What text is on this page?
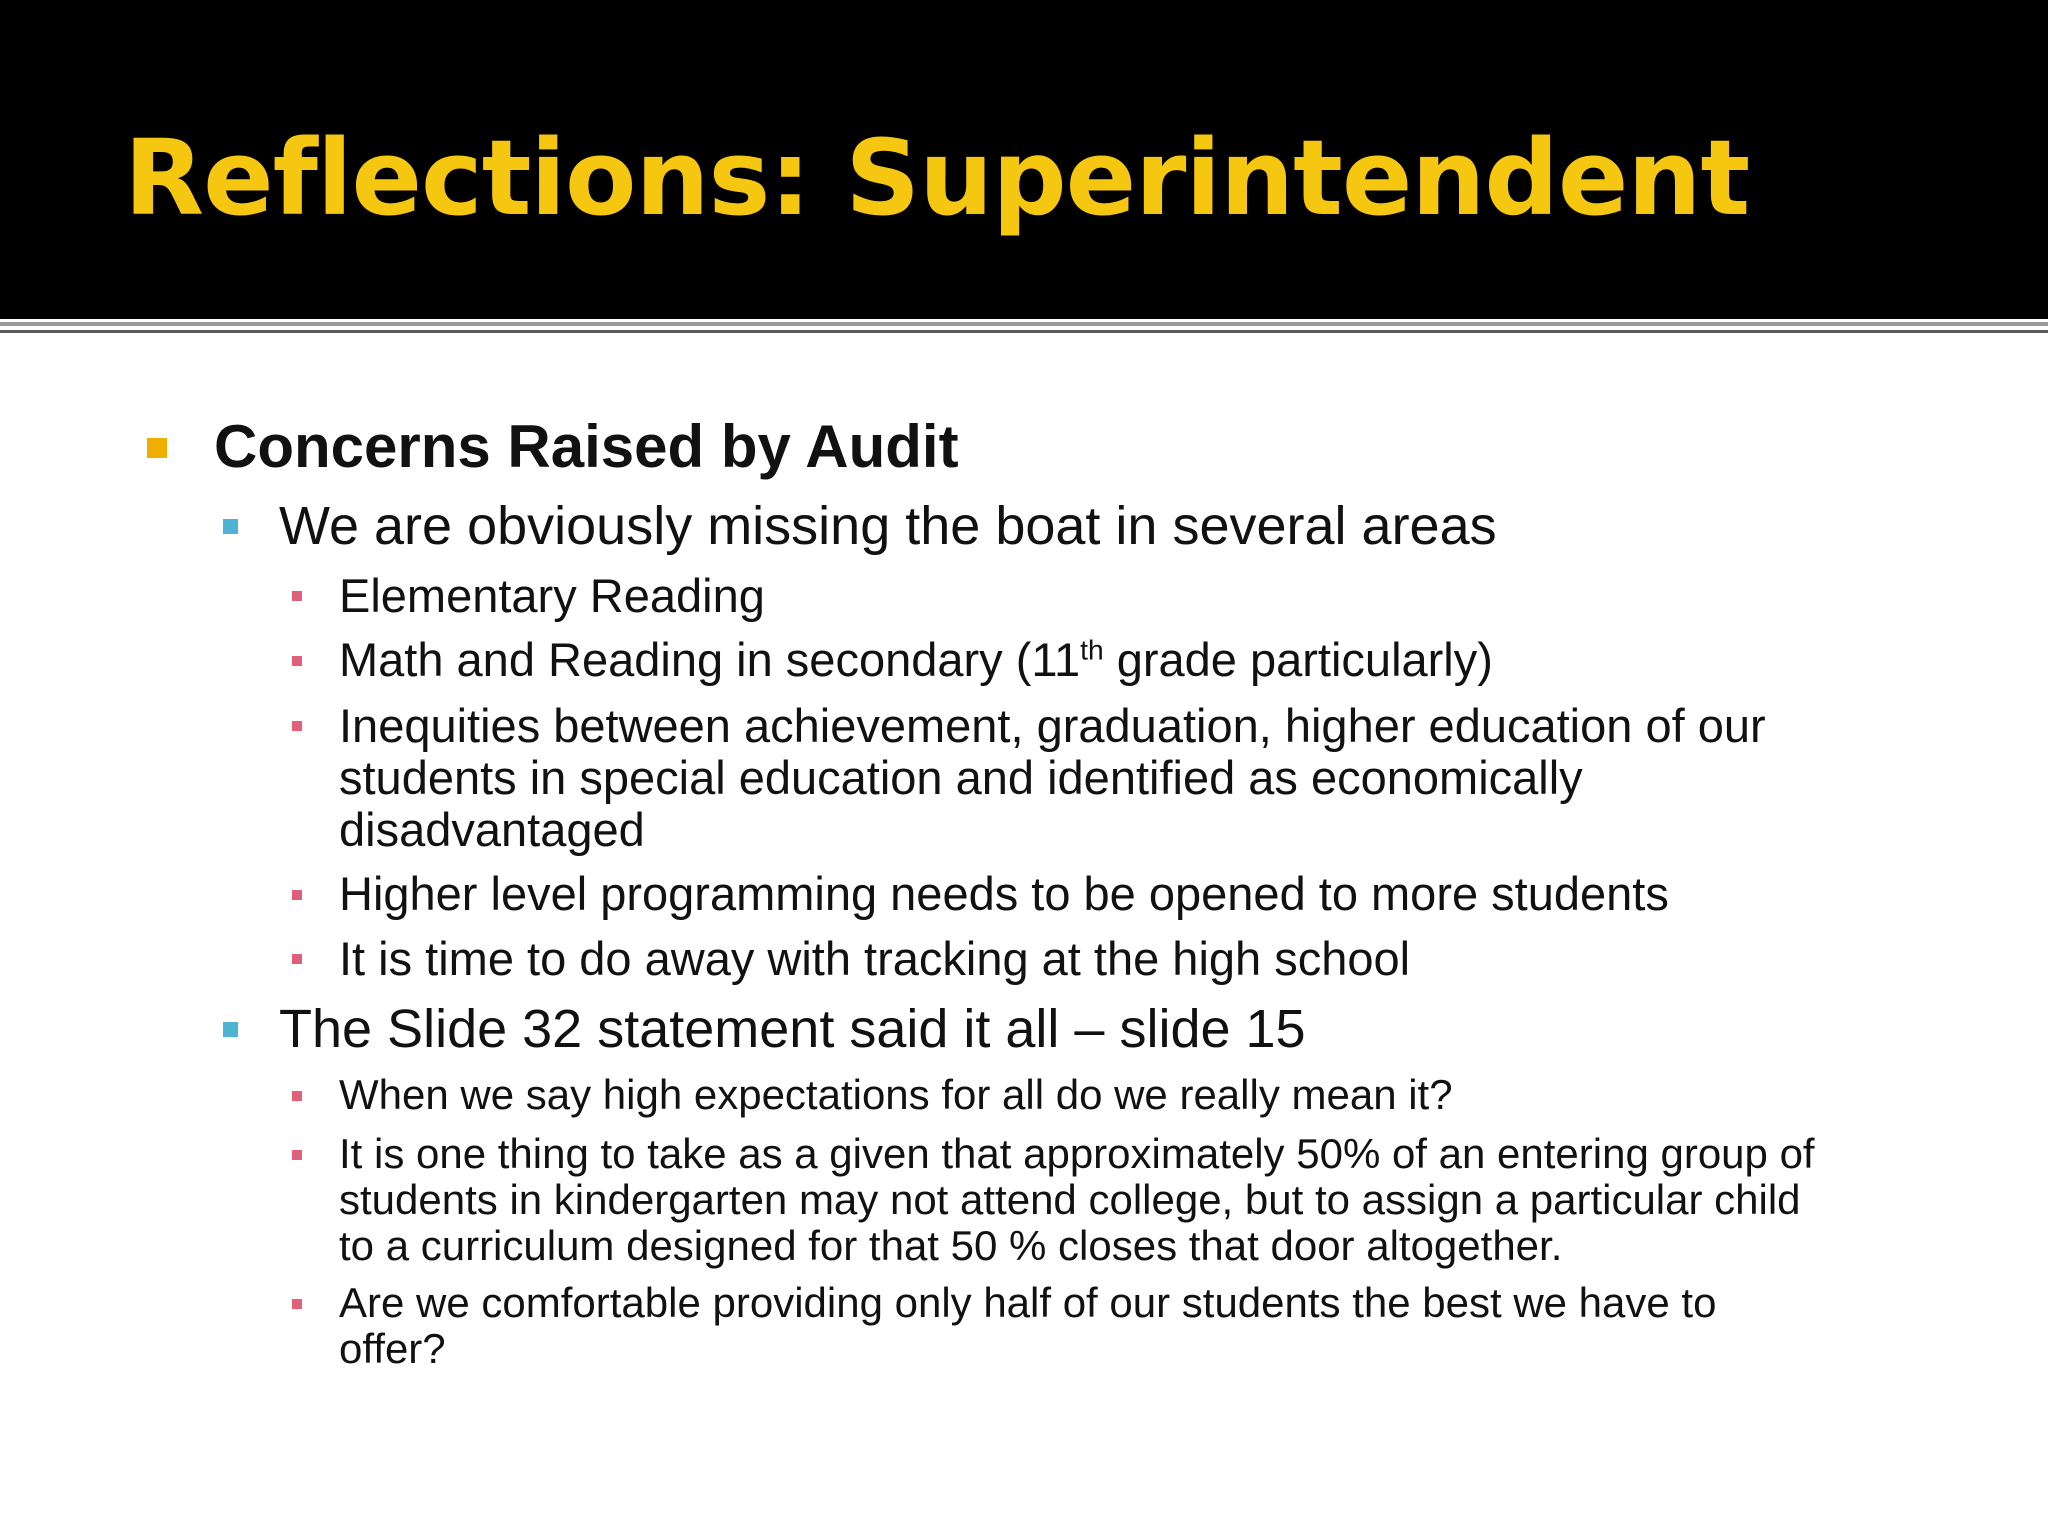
Reflections: Superintendent

Concerns Raised by Audit

We are obviously missing the boat in several areas

Elementary Reading

Math and Reading in secondary (11th grade particularly)

Inequities between achievement, graduation, higher education of our

students in special education and identified as economically

disadvantaged

Higher level programming needs to be opened to more students

It is time to do away with tracking at the high school

The Slide 32 statement said it all – slide 15

When we say high expectations for all do we really mean it?

It is one thing to take as a given that approximately 50% of an entering group of

students in kindergarten may not attend college, but to assign a particular child

to a curriculum designed for that 50 % closes that door altogether.

Are we comfortable providing only half of our students the best we have to

offer?
